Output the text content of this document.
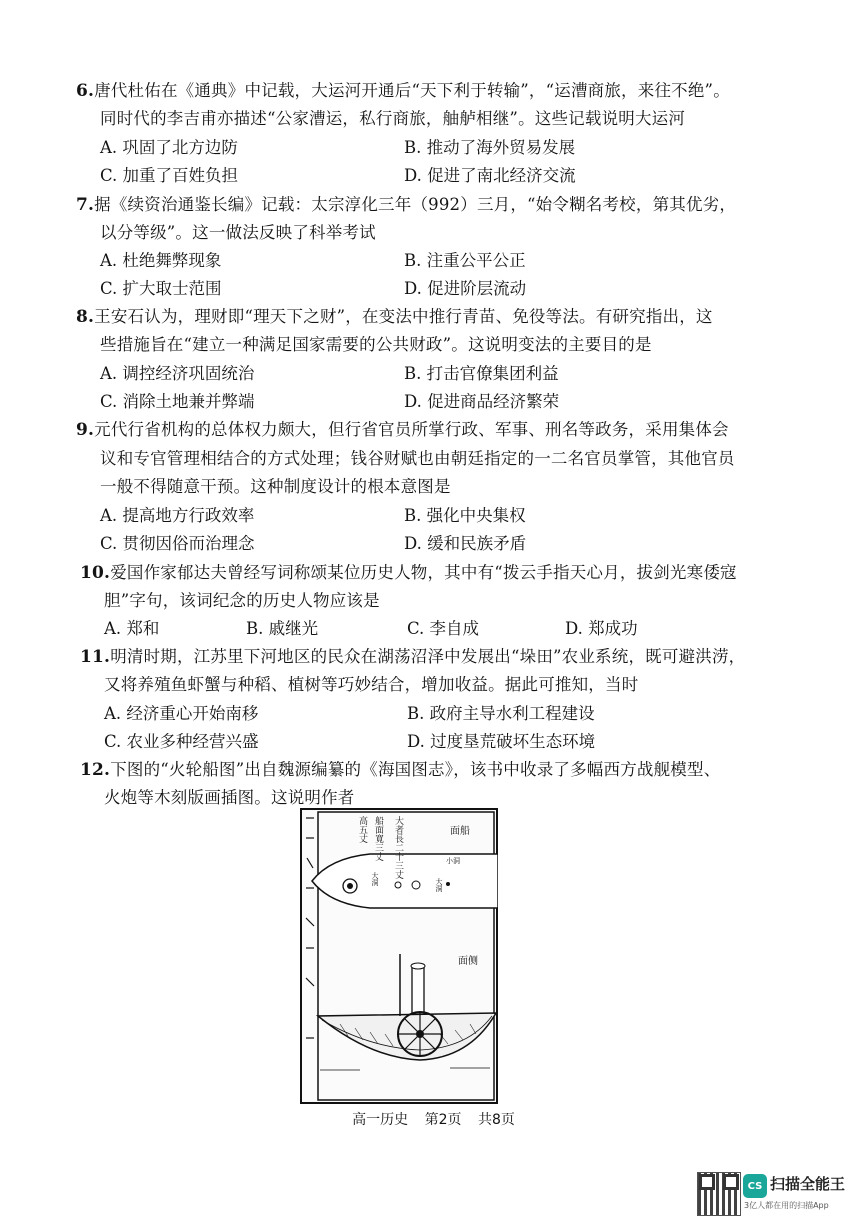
6.唐代杜佑在《通典》中记载，大运河开通后“天下利于转输”，“运漕商旅，来往不绝”。
同时代的李吉甫亦描述“公家漕运，私行商旅，舳舻相继”。这些记载说明大运河
A. 巩固了北方边防	B. 推动了海外贸易发展
C. 加重了百姓负担	D. 促进了南北经济交流
7.据《续资治通鉴长编》记载：太宗淳化三年（992）三月，“始令糊名考校，第其优劣，
以分等级”。这一做法反映了科举考试
A. 杜绝舞弊现象	B. 注重公平公正
C. 扩大取士范围	D. 促进阶层流动
8.王安石认为，理财即“理天下之财”，在变法中推行青苗、免役等法。有研究指出，这
些措施旨在“建立一种满足国家需要的公共财政”。这说明变法的主要目的是
A. 调控经济巩固统治	B. 打击官僚集团利益
C. 消除土地兼并弊端	D. 促进商品经济繁荣
9.元代行省机构的总体权力颇大，但行省官员所掌行政、军事、刑名等政务，采用集体会
议和专官管理相结合的方式处理；钱谷财赋也由朝廷指定的一二名官员掌管，其他官员
一般不得随意干预。这种制度设计的根本意图是
A. 提高地方行政效率	B. 强化中央集权
C. 贯彻因俗而治理念	D. 缓和民族矛盾
10.爱国作家郁达夫曾经写词称颂某位历史人物，其中有“拨云手指天心月，拔剑光寒倭寇
胆”字句，该词纪念的历史人物应该是
A. 郑和	B. 戚继光	C. 李自成	D. 郑成功
11.明清时期，江苏里下河地区的民众在湖荡沼泽中发展出“垛田”农业系统，既可避洪涝，
又将养殖鱼虾蟹与种稻、植树等巧妙结合，增加收益。据此可推知，当时
A. 经济重心开始南移	B. 政府主导水利工程建设
C. 农业多种经营兴盛	D. 过度垦荒破坏生态环境
12.下图的“火轮船图”出自魏源编纂的《海国图志》，该书中收录了多幅西方战舰模型、
火炮等木刻版画插图。这说明作者
大者長二十三丈
船面寬三丈
高五丈	面船
大洞	大洞
小洞
面侧
高一历史 第2页 共8页
CS 扫描全能王
3亿人都在用的扫描App
